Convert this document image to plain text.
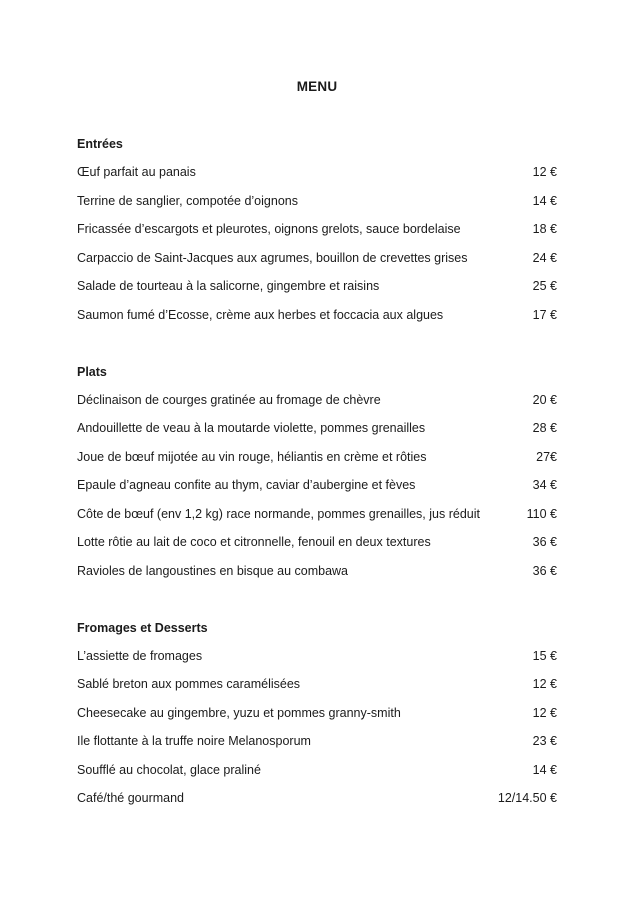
MENU
Entrées
Œuf parfait au panais	12 €
Terrine de sanglier, compotée d’oignons	14 €
Fricassée d’escargots et pleurotes, oignons grelots, sauce bordelaise	18 €
Carpaccio de Saint-Jacques aux agrumes, bouillon de crevettes grises	24 €
Salade de tourteau à la salicorne, gingembre et raisins	25 €
Saumon fumé d’Ecosse, crème aux herbes et foccacia aux algues	17 €
Plats
Déclinaison de courges gratinée au fromage de chèvre	20 €
Andouillette de veau à la moutarde violette, pommes grenailles	28 €
Joue de bœuf mijotée au vin rouge, héliantis en crème et rôties	27€
Epaule d’agneau confite au thym, caviar d’aubergine et fèves	34 €
Côte de bœuf (env 1,2 kg) race normande, pommes grenailles, jus réduit	110 €
Lotte rôtie au lait de coco et citronnelle, fenouil en deux textures	36 €
Ravioles de langoustines en bisque au combawa	36 €
Fromages et Desserts
L’assiette de fromages	15 €
Sablé breton aux pommes caramélisées	12 €
Cheesecake au gingembre, yuzu et pommes granny-smith	12 €
Ile flottante à la truffe noire Melanosporum	23 €
Soufflé au chocolat, glace praliné	14 €
Café/thé gourmand	12/14.50 €
